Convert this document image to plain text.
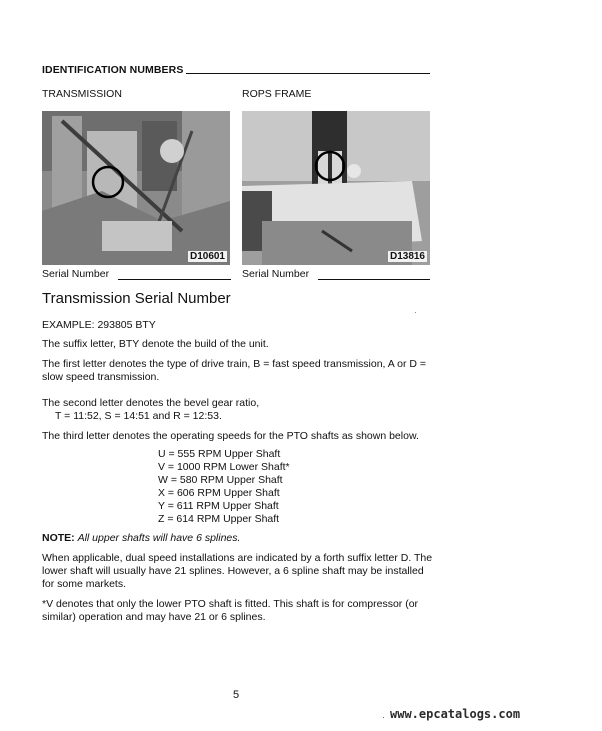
IDENTIFICATION NUMBERS
TRANSMISSION	ROPS FRAME
D10601	D13816
Serial Number	Serial Number
Transmission Serial Number
EXAMPLE: 293805 BTY
The suffix letter, BTY denote the build of the unit.
The first letter denotes the type of drive train, B = fast speed transmission, A or D = slow speed transmission.
The second letter denotes the bevel gear ratio,
T = 11:52, S = 14:51 and R = 12:53.
The third letter denotes the operating speeds for the PTO shafts as shown below.
U = 555 RPM Upper Shaft
V = 1000 RPM Lower Shaft*
W = 580 RPM Upper Shaft
X = 606 RPM Upper Shaft
Y = 611 RPM Upper Shaft
Z = 614 RPM Upper Shaft
NOTE: All upper shafts will have 6 splines.
When applicable, dual speed installations are indicated by a forth suffix letter D. The lower shaft will usually have 21 splines. However, a 6 spline shaft may be installed for some markets.
*V denotes that only the lower PTO shaft is fitted. This shaft is for compressor (or similar) operation and may have 21 or 6 splines.
5
www.epcatalogs.com
